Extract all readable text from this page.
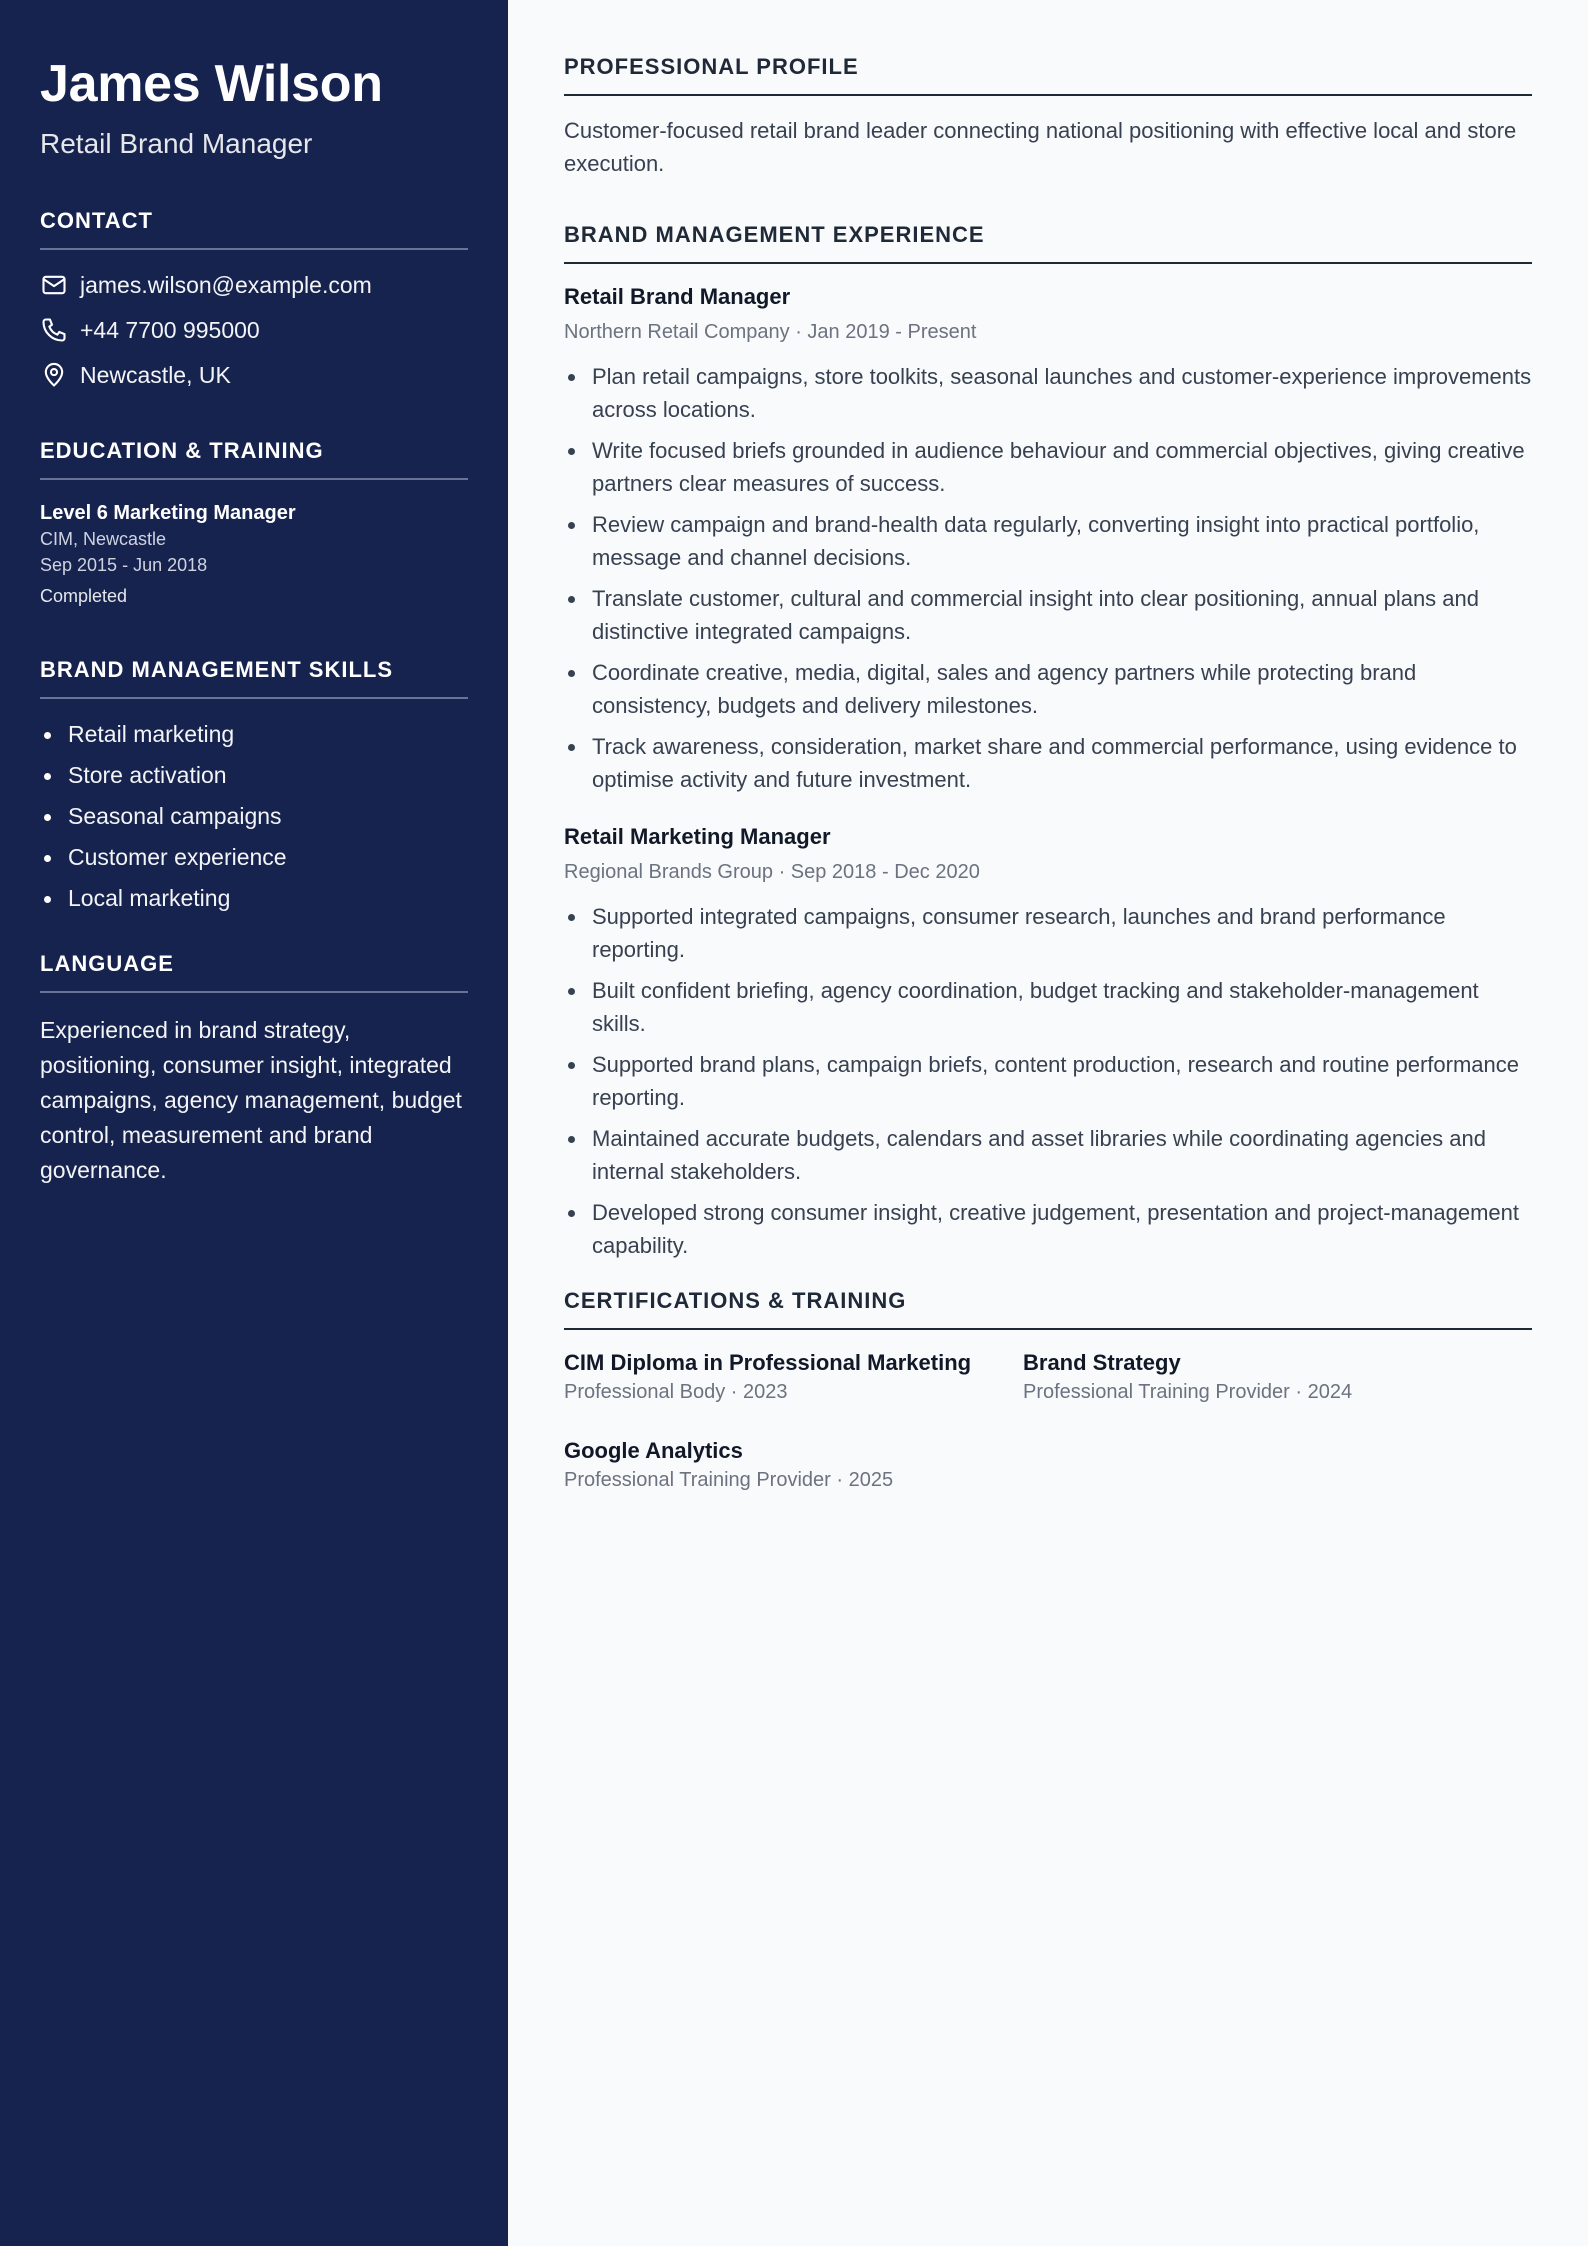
James Wilson
Retail Brand Manager
CONTACT
james.wilson@example.com
+44 7700 995000
Newcastle, UK
EDUCATION & TRAINING
Level 6 Marketing Manager
CIM, Newcastle
Sep 2015 - Jun 2018
Completed
BRAND MANAGEMENT SKILLS
Retail marketing
Store activation
Seasonal campaigns
Customer experience
Local marketing
LANGUAGE

Experienced in brand strategy, positioning, consumer insight, integrated campaigns, agency management, budget control, measurement and brand governance.

PROFESSIONAL PROFILE

Customer-focused retail brand leader connecting national positioning with effective local and store execution.

BRAND MANAGEMENT EXPERIENCE
Retail Brand Manager
Northern Retail Company · Jan 2019 - Present
Plan retail campaigns, store toolkits, seasonal launches and customer-experience improvements across locations.
Write focused briefs grounded in audience behaviour and commercial objectives, giving creative partners clear measures of success.
Review campaign and brand-health data regularly, converting insight into practical portfolio, message and channel decisions.
Translate customer, cultural and commercial insight into clear positioning, annual plans and distinctive integrated campaigns.
Coordinate creative, media, digital, sales and agency partners while protecting brand consistency, budgets and delivery milestones.
Track awareness, consideration, market share and commercial performance, using evidence to optimise activity and future investment.
Retail Marketing Manager
Regional Brands Group · Sep 2018 - Dec 2020
Supported integrated campaigns, consumer research, launches and brand performance reporting.
Built confident briefing, agency coordination, budget tracking and stakeholder-management skills.
Supported brand plans, campaign briefs, content production, research and routine performance reporting.
Maintained accurate budgets, calendars and asset libraries while coordinating agencies and internal stakeholders.
Developed strong consumer insight, creative judgement, presentation and project-management capability.
CERTIFICATIONS & TRAINING
CIM Diploma in Professional Marketing
Professional Body · 2023
Brand Strategy
Professional Training Provider · 2024
Google Analytics
Professional Training Provider · 2025
